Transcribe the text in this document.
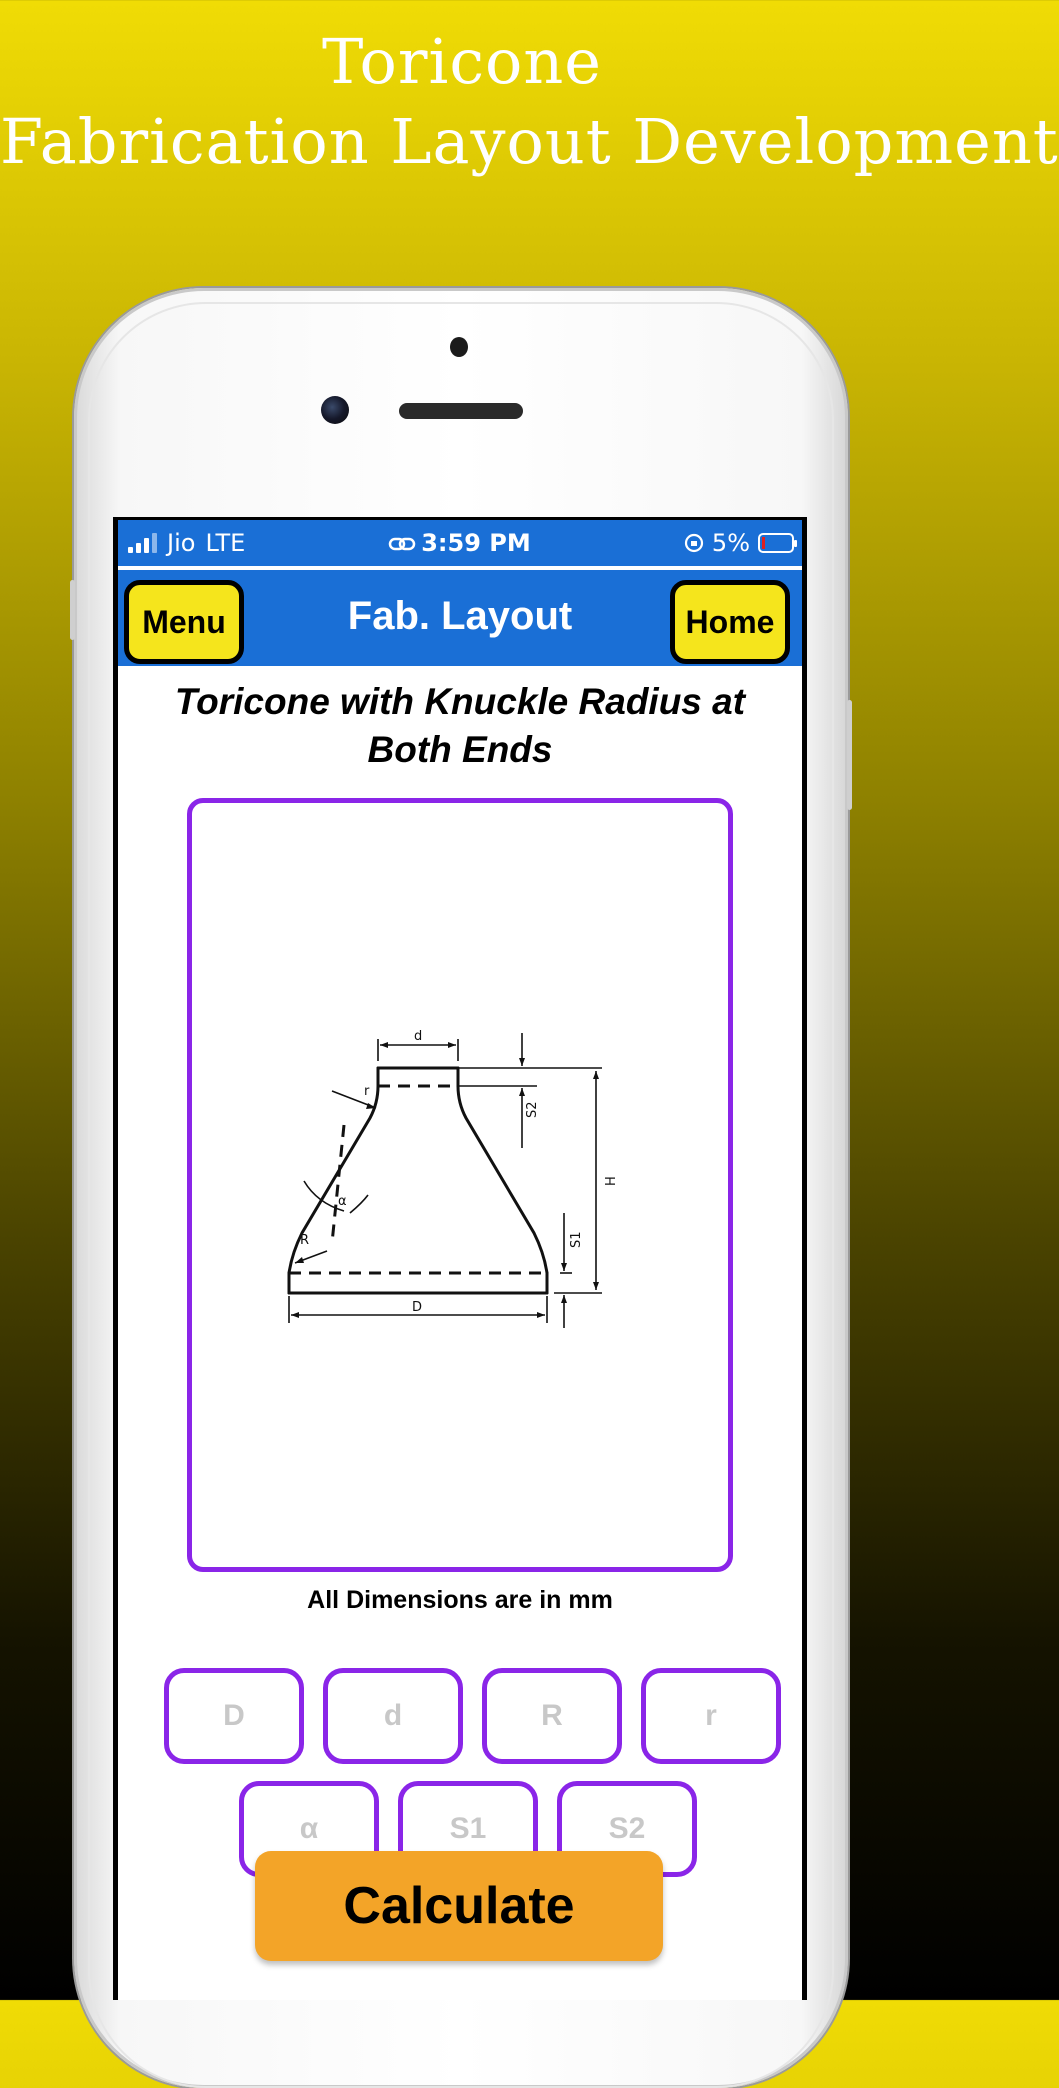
Toricone
Fabrication Layout Development
Jio LTE	3:59 PM	5%
Menu	Fab. Layout	Home
Toricone with Knuckle Radius at Both Ends
d
r
S2
H
α
S1
R
D
All Dimensions are in mm
D	d	R	r
α	S1	S2
Calculate
